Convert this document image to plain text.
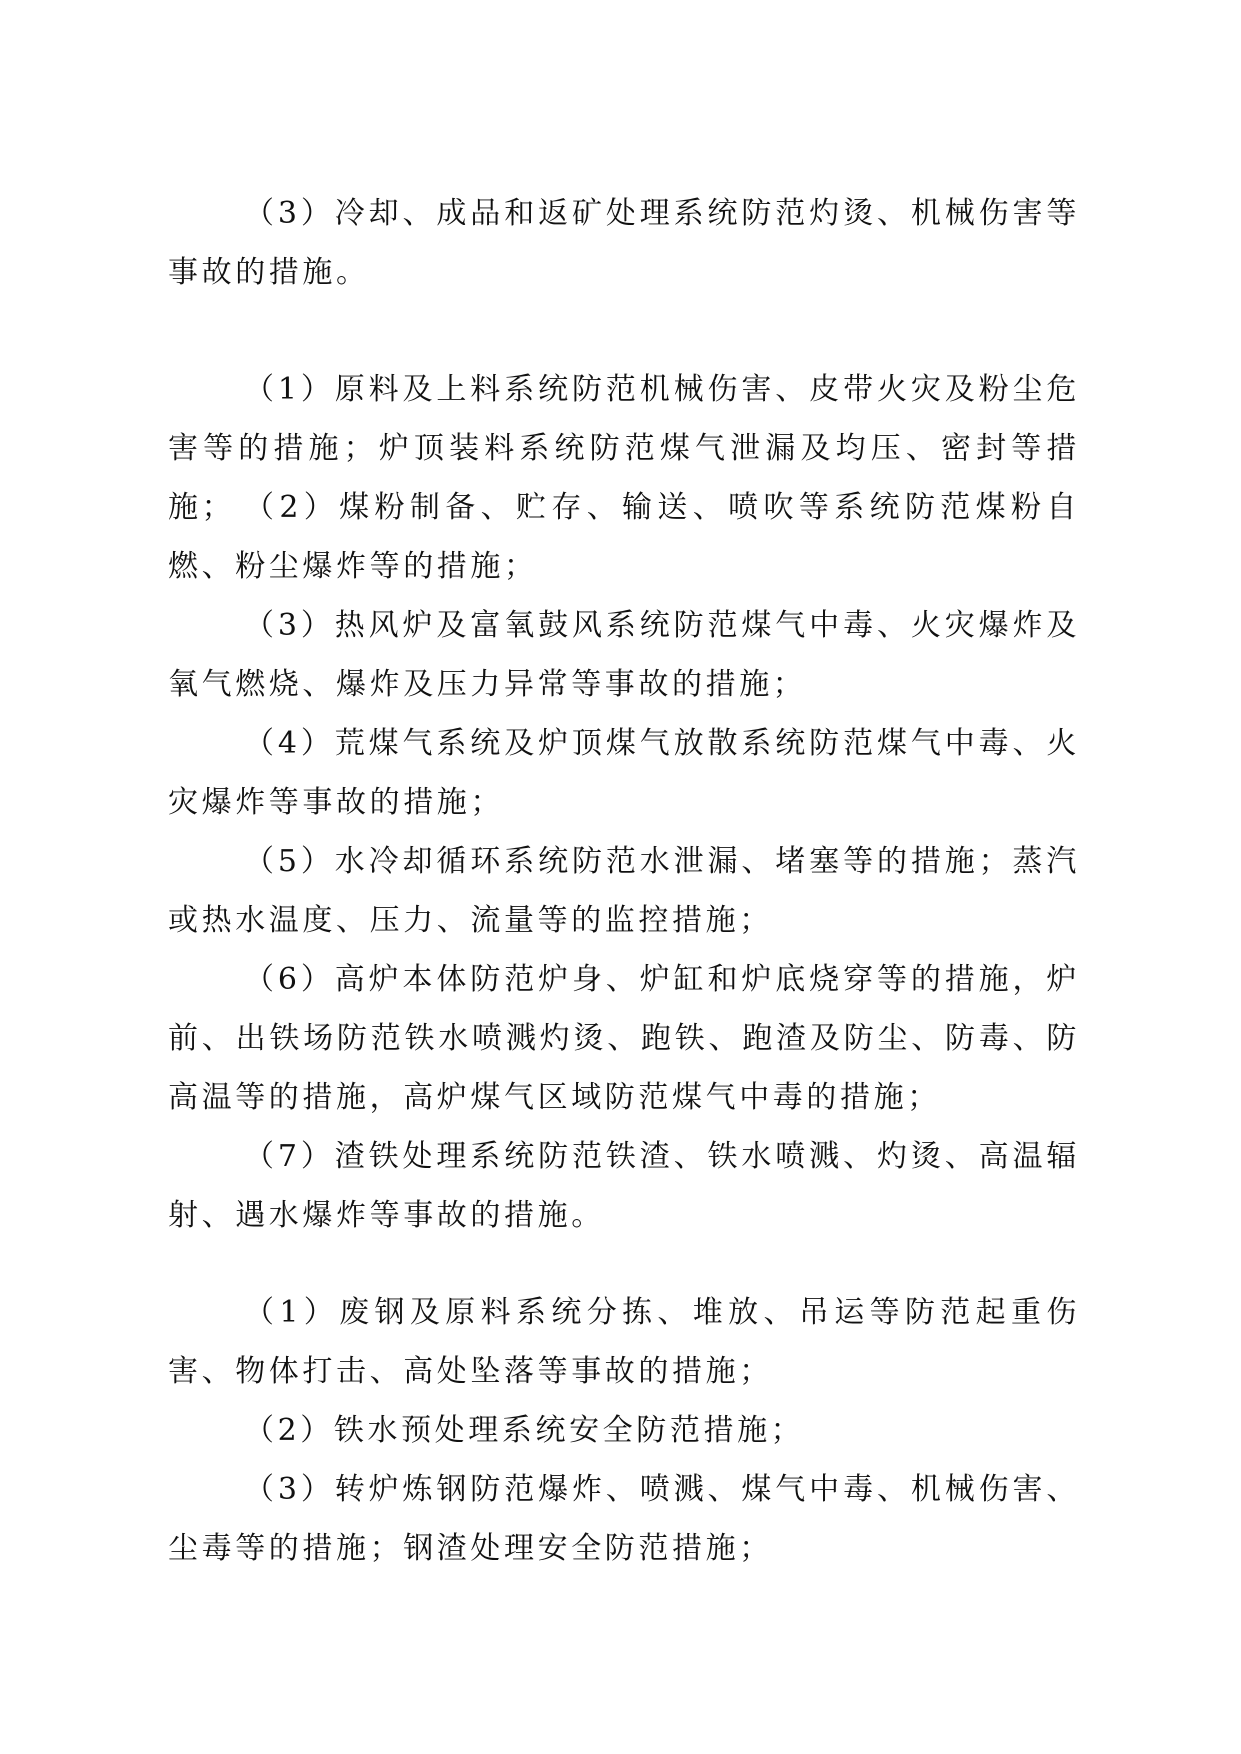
（3）冷却、成品和返矿处理系统防范灼烫、机械伤害等事故的措施。

（1）原料及上料系统防范机械伤害、皮带火灾及粉尘危害等的措施；炉顶装料系统防范煤气泄漏及均压、密封等措施； （2）煤粉制备、贮存、输送、喷吹等系统防范煤粉自燃、粉尘爆炸等的措施；

（3）热风炉及富氧鼓风系统防范煤气中毒、火灾爆炸及氧气燃烧、爆炸及压力异常等事故的措施；

（4）荒煤气系统及炉顶煤气放散系统防范煤气中毒、火灾爆炸等事故的措施；

（5）水冷却循环系统防范水泄漏、堵塞等的措施；蒸汽或热水温度、压力、流量等的监控措施；

（6）高炉本体防范炉身、炉缸和炉底烧穿等的措施，炉前、出铁场防范铁水喷溅灼烫、跑铁、跑渣及防尘、防毒、防高温等的措施，高炉煤气区域防范煤气中毒的措施；

（7）渣铁处理系统防范铁渣、铁水喷溅、灼烫、高温辐射、遇水爆炸等事故的措施。

（1）废钢及原料系统分拣、堆放、吊运等防范起重伤害、物体打击、高处坠落等事故的措施；

（2）铁水预处理系统安全防范措施；

（3）转炉炼钢防范爆炸、喷溅、煤气中毒、机械伤害、尘毒等的措施；钢渣处理安全防范措施；
